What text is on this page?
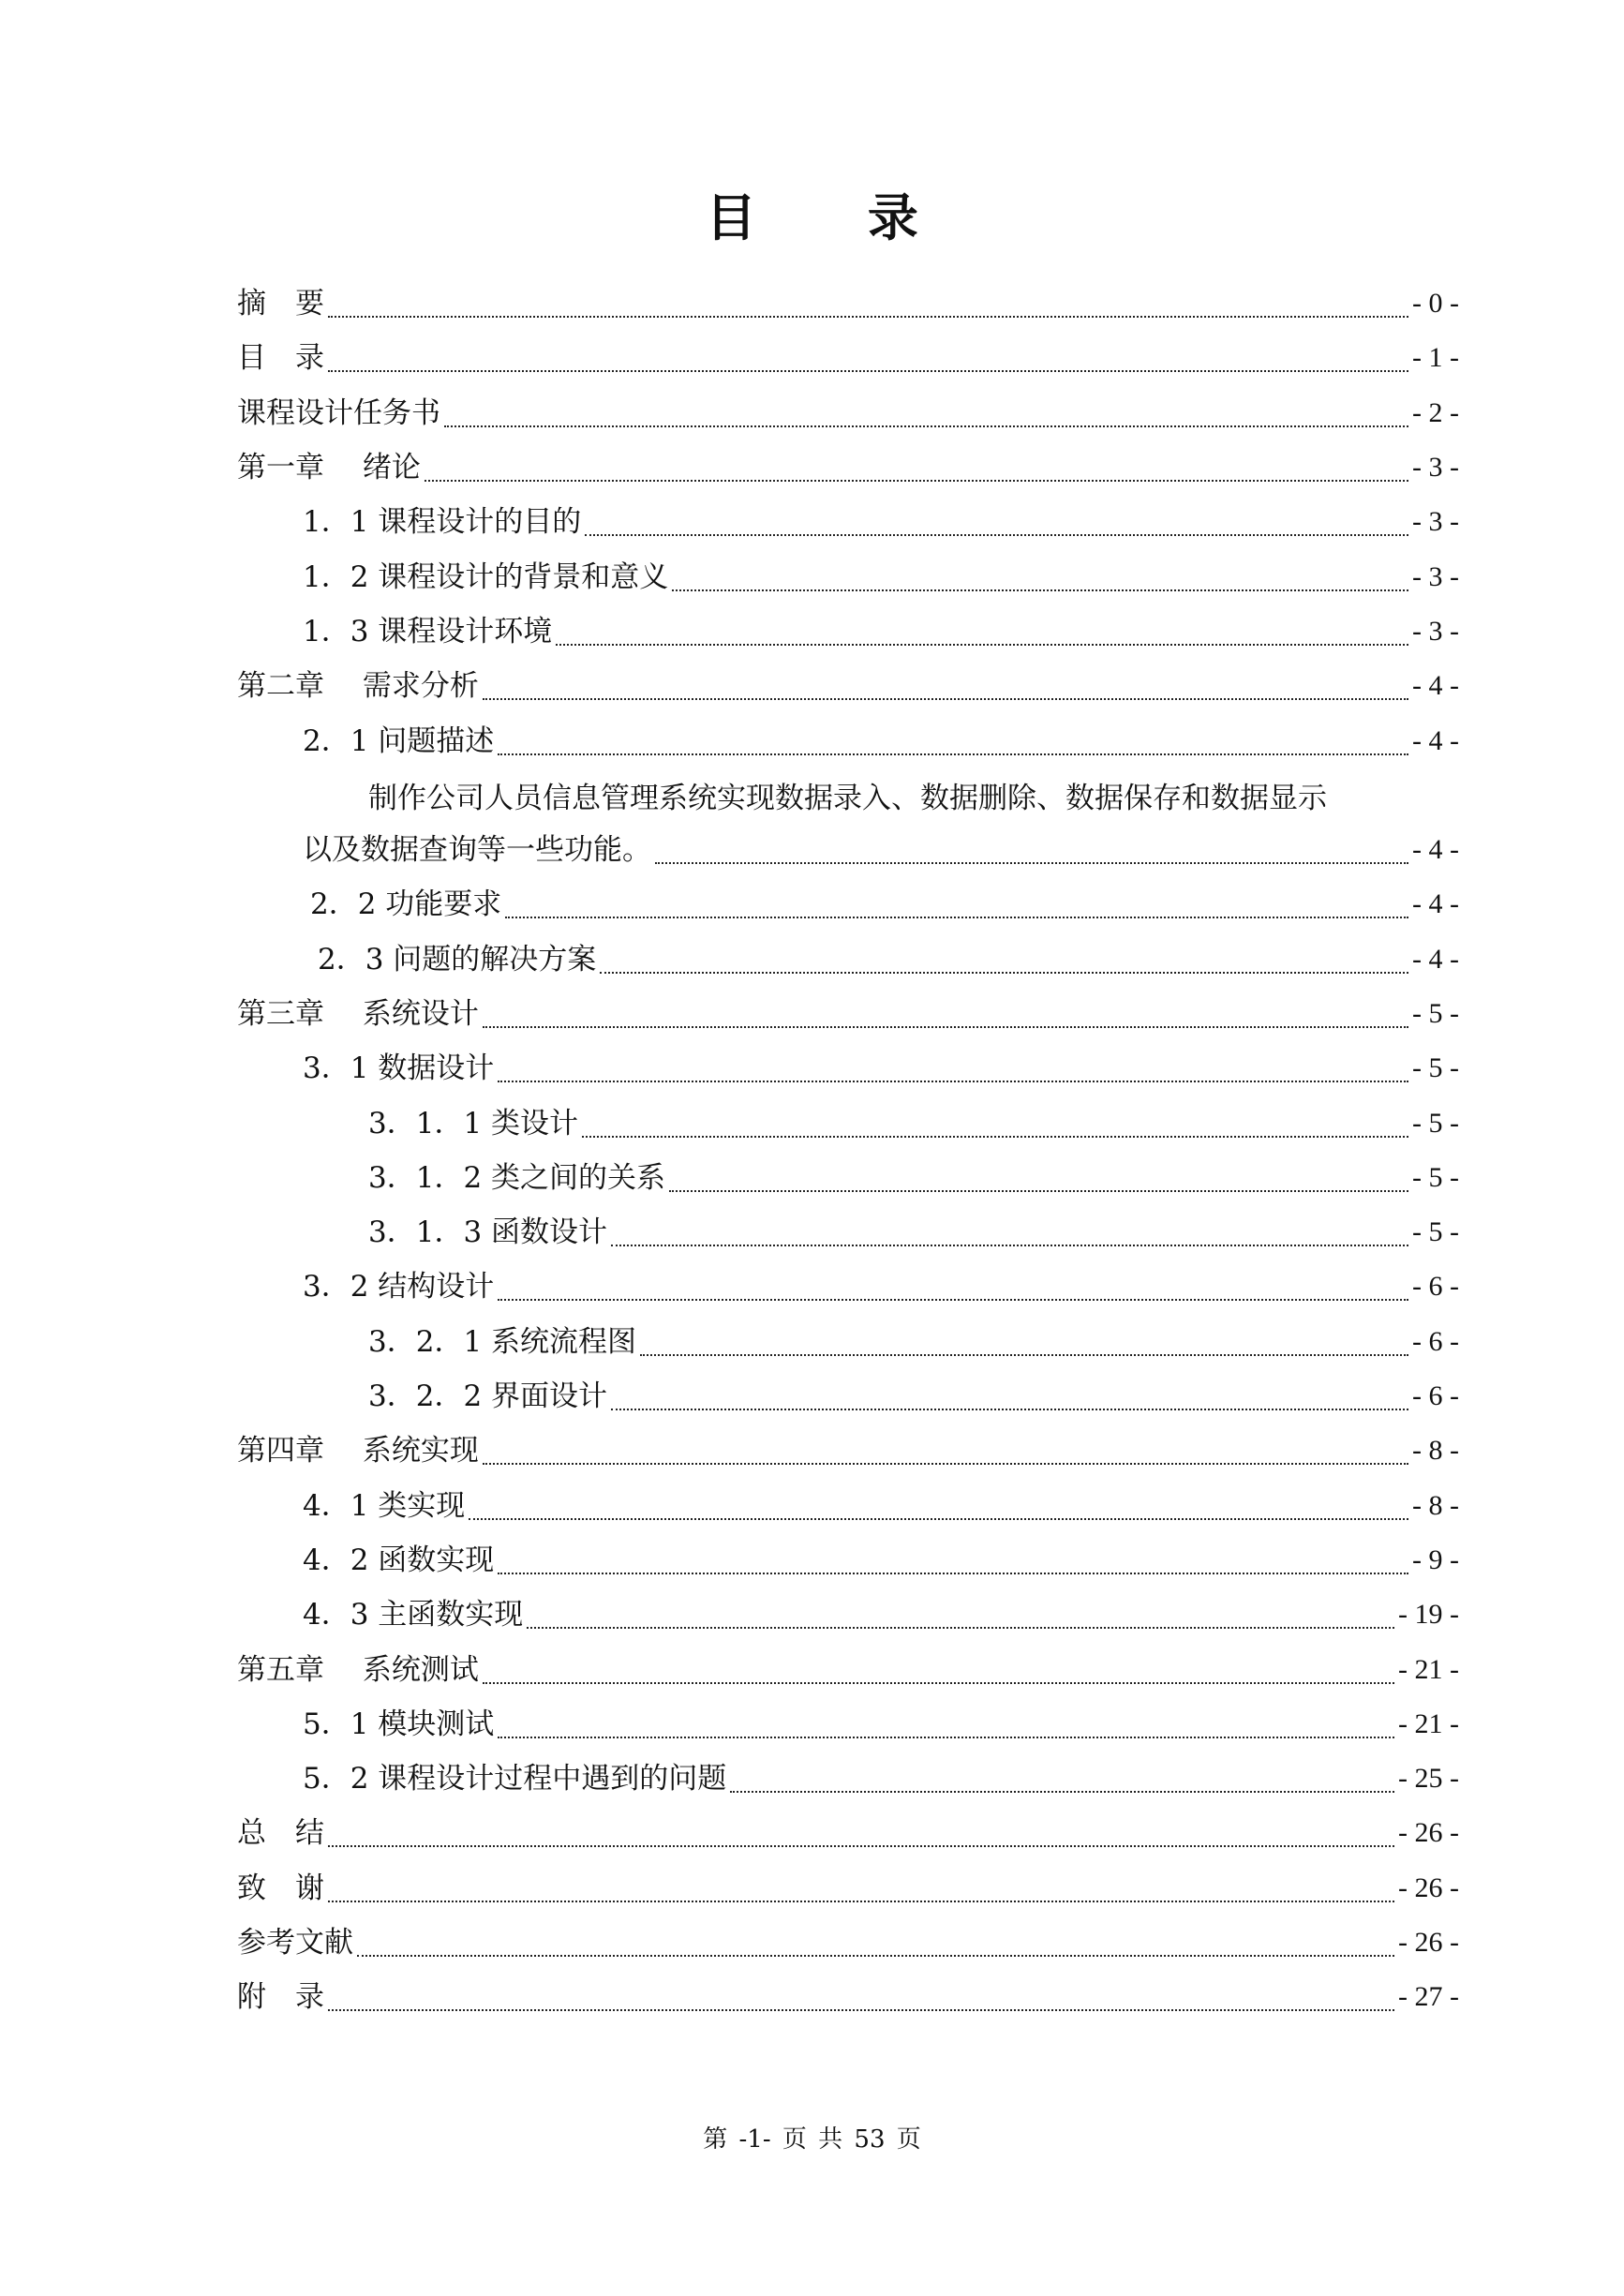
目 录
摘　要	- 0 -
目　录	- 1 -
课程设计任务书	- 2 -
第一章　 绪论	- 3 -
1．1 课程设计的目的	- 3 -
1．2 课程设计的背景和意义	- 3 -
1．3 课程设计环境	- 3 -
第二章　 需求分析	- 4 -
2．1 问题描述	- 4 -
制作公司人员信息管理系统实现数据录入、数据删除、数据保存和数据显示
以及数据查询等一些功能。	- 4 -
2．2 功能要求	- 4 -
2．3 问题的解决方案	- 4 -
第三章　 系统设计	- 5 -
3．1 数据设计	- 5 -
3．1．1 类设计	- 5 -
3．1．2 类之间的关系	- 5 -
3．1．3 函数设计	- 5 -
3．2 结构设计	- 6 -
3．2．1 系统流程图	- 6 -
3．2．2 界面设计	- 6 -
第四章　 系统实现	- 8 -
4．1 类实现	- 8 -
4．2 函数实现	- 9 -
4．3 主函数实现	- 19 -
第五章　 系统测试	- 21 -
5．1 模块测试	- 21 -
5．2 课程设计过程中遇到的问题	- 25 -
总　结	- 26 -
致　谢	- 26 -
参考文献	- 26 -
附　录	- 27 -
第 -1- 页 共 53 页
